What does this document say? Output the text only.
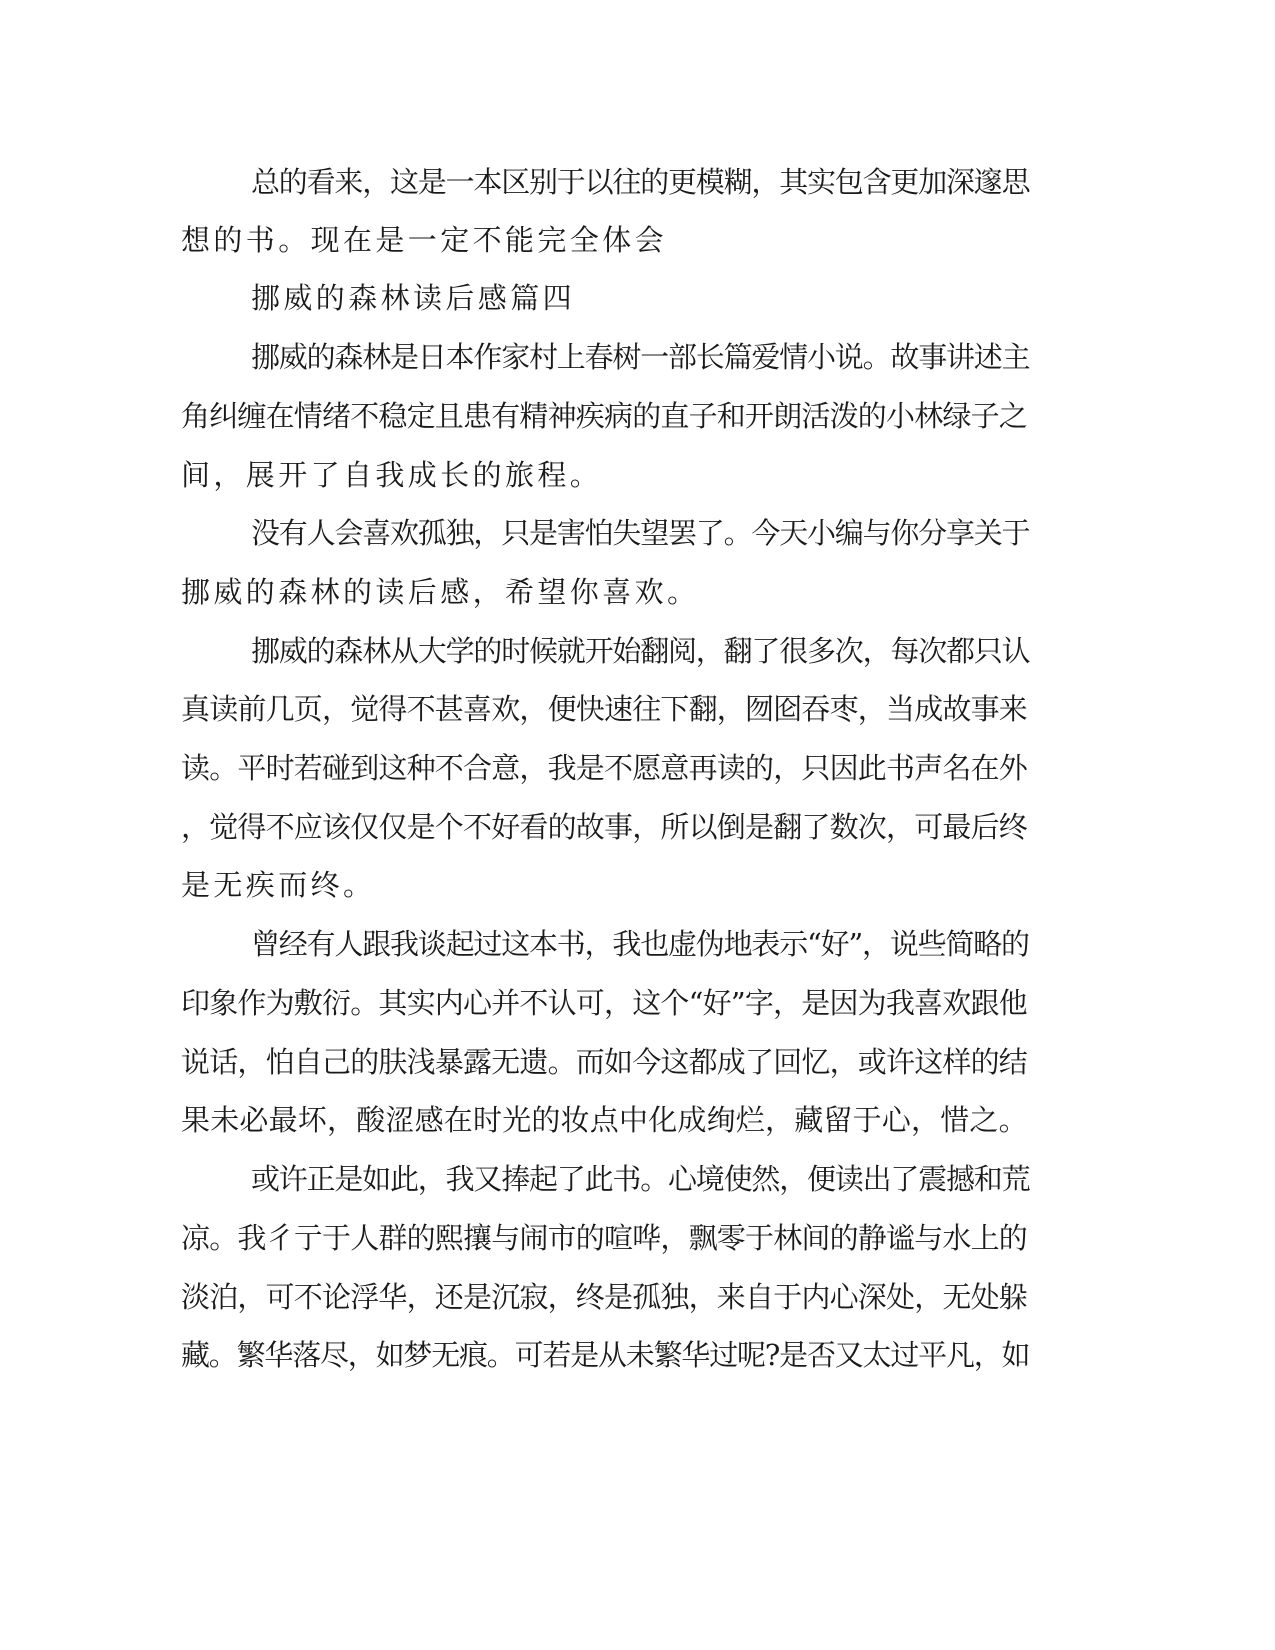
总的看来，这是一本区别于以往的更模糊，其实包含更加深邃思
想的书。现在是一定不能完全体会
挪威的森林读后感篇四
挪威的森林是日本作家村上春树一部长篇爱情小说。故事讲述主
角纠缠在情绪不稳定且患有精神疾病的直子和开朗活泼的小林绿子之
间，展开了自我成长的旅程。
没有人会喜欢孤独，只是害怕失望罢了。今天小编与你分享关于
挪威的森林的读后感，希望你喜欢。
挪威的森林从大学的时候就开始翻阅，翻了很多次，每次都只认
真读前几页，觉得不甚喜欢，便快速往下翻，囫囵吞枣，当成故事来
读。平时若碰到这种不合意，我是不愿意再读的，只因此书声名在外
，觉得不应该仅仅是个不好看的故事，所以倒是翻了数次，可最后终
是无疾而终。
曾经有人跟我谈起过这本书，我也虚伪地表示“好”，说些简略的
印象作为敷衍。其实内心并不认可，这个“好”字，是因为我喜欢跟他
说话，怕自己的肤浅暴露无遗。而如今这都成了回忆，或许这样的结
果未必最坏，酸涩感在时光的妆点中化成绚烂，藏留于心，惜之。
或许正是如此，我又捧起了此书。心境使然，便读出了震撼和荒
凉。我彳亍于人群的熙攘与闹市的喧哗，飘零于林间的静谧与水上的
淡泊，可不论浮华，还是沉寂，终是孤独，来自于内心深处，无处躲
藏。繁华落尽，如梦无痕。可若是从未繁华过呢?是否又太过平凡，如
